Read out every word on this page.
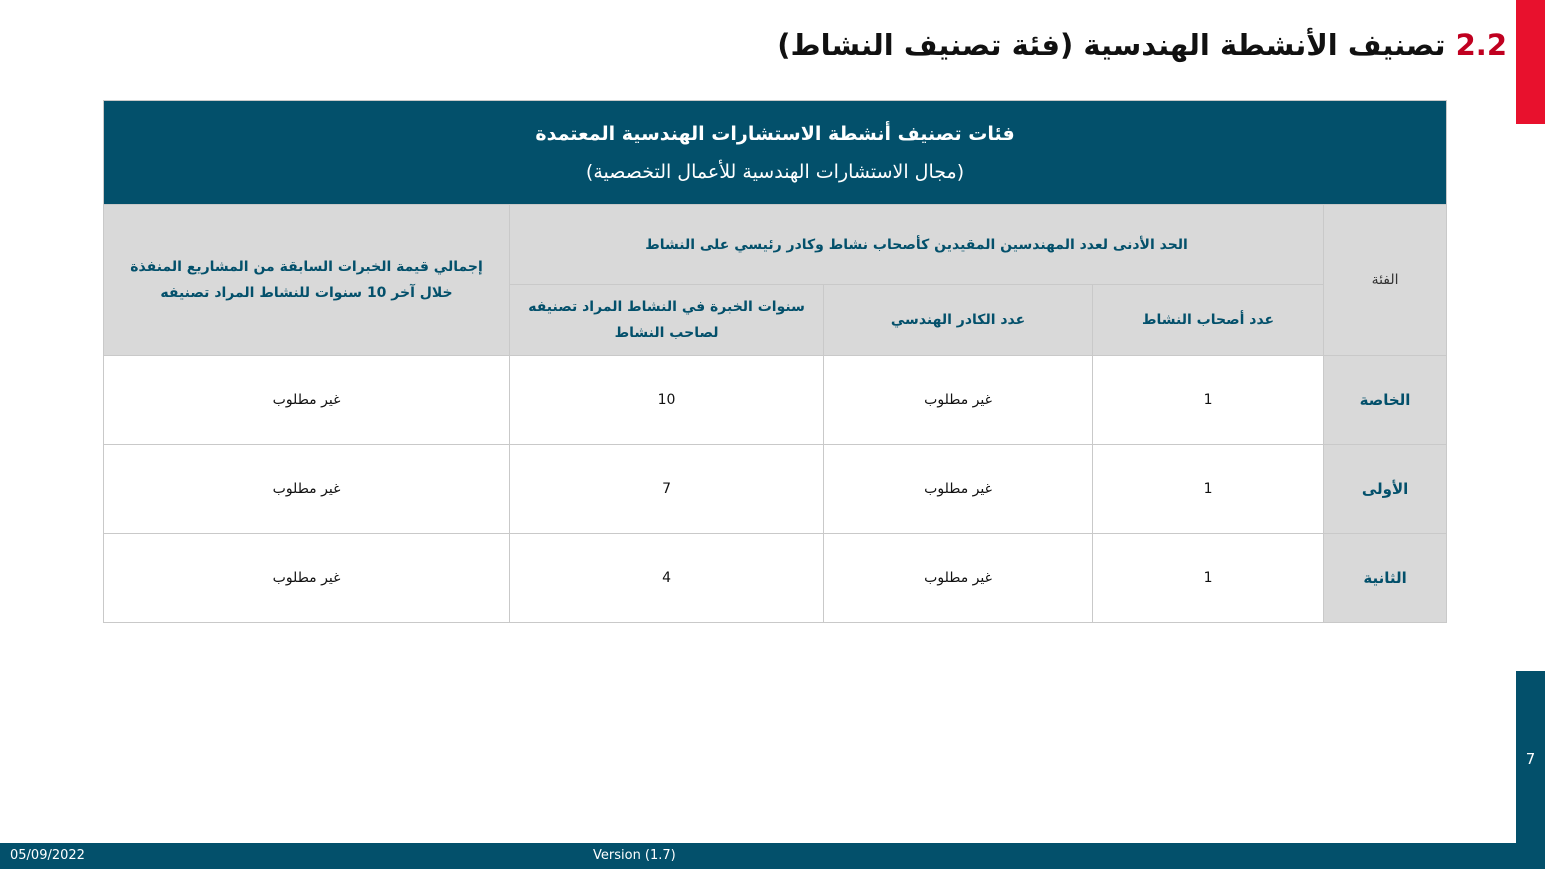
7
2.2 تصنيف الأنشطة الهندسية (فئة تصنيف النشاط)
فئات تصنيف أنشطة الاستشارات الهندسية المعتمدة
(مجال الاستشارات الهندسية للأعمال التخصصية)				

الفئة	الحد الأدنى لعدد المهندسين المقيدين كأصحاب نشاط وكادر رئيسي على النشاط			إجمالي قيمة الخبرات السابقة من المشاريع المنفذة خلال آخر 10 سنوات للنشاط المراد تصنيفه
	عدد أصحاب النشاط	عدد الكادر الهندسي	سنوات الخبرة في النشاط المراد تصنيفه لصاحب النشاط	
الخاصة	1	غير مطلوب	10	غير مطلوب
الأولى	1	غير مطلوب	7	غير مطلوب
الثانية	1	غير مطلوب	4	غير مطلوب
05/09/2022	Version (1.7)
